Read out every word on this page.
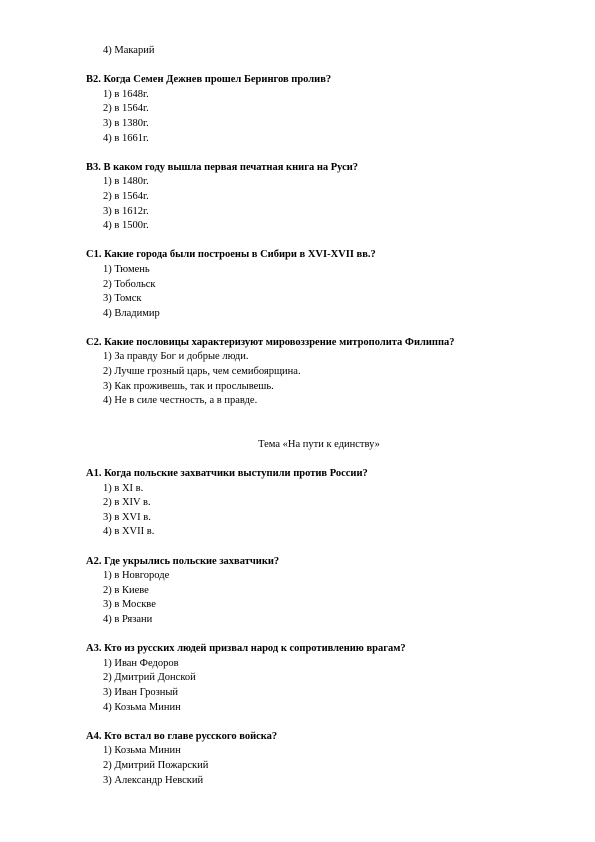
4) Макарий

В2. Когда Семен Дежнев прошел Берингов пролив?

1) в 1648г.
2) в 1564г.
3) в 1380г.
4) в 1661г.

В3. В каком году вышла первая печатная книга на Руси?

1) в 1480г.
2) в 1564г.
3) в 1612г.
4) в 1500г.

С1. Какие города были построены в Сибири в XVI-XVII вв.?

1) Тюмень
2) Тобольск
3) Томск
4) Владимир

С2. Какие пословицы характеризуют мировоззрение митрополита Филиппа?

1) За правду Бог и добрые люди.
2) Лучше грозный царь, чем семибоярщина.
3) Как проживешь, так и прослывешь.
4) Не в силе честность, а в правде.

Тема «На пути к единству»

А1. Когда польские захватчики выступили против России?

1) в XI в.
2) в XIV в.
3) в XVI в.
4) в XVII в.

А2. Где укрылись польские захватчики?

1) в Новгороде
2) в Киеве
3) в Москве
4) в Рязани

А3. Кто из русских людей призвал народ к сопротивлению врагам?

1) Иван Федоров
2) Дмитрий Донской
3) Иван Грозный
4) Козьма Минин

А4. Кто встал во главе русского войска?

1) Козьма Минин
2) Дмитрий Пожарский
3) Александр Невский
